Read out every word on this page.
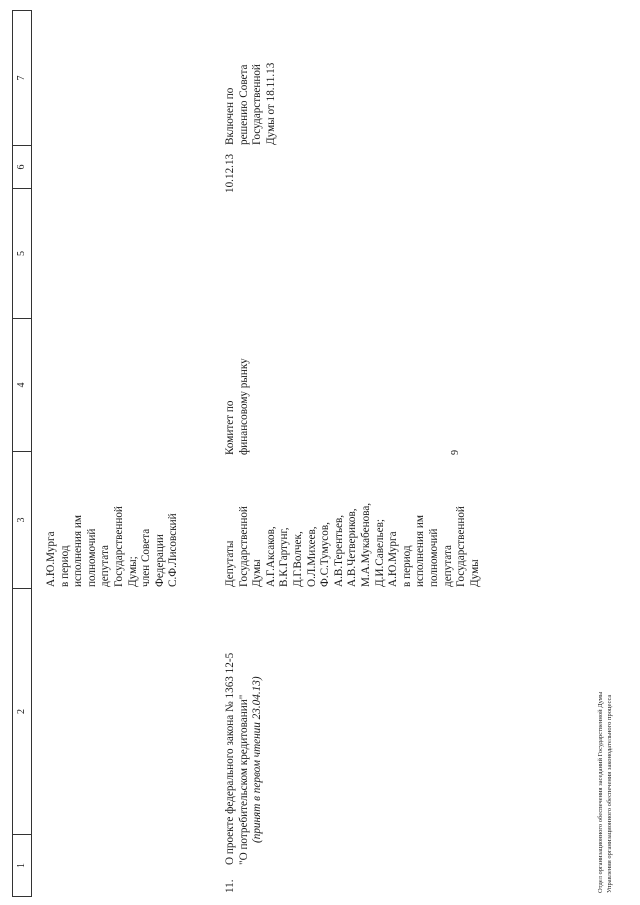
9
1
2
3
4
5
6
7
А.Ю.Мурга в период исполнения им полномочий депутата Государственной Думы; член Совета Федерации С.Ф.Лисовский
11.
О проекте федерального закона № 1363 12-5 "О потребительском кредитовании" (принят в первом чтении 23.04.13)
Депутаты Государственной Думы А.Г.Аксаков, В.К.Гартунг, Д.Г.Волчек, О.Л.Михеев, Ф.С.Тумусов, А.В.Терентьев, А.В.Четвериков, М.А.Мукабенова, Д.И.Савельев; А.Ю.Мурга в период исполнения им полномочий депутата Государственной Думы
Комитет по финансовому рынку
10.12.13
Включен по решению Совета Государственной Думы от 18.11.13
Отдел организационного обеспечения заседаний Государственной Думы Управления организационного обеспечения законодательного процесса
